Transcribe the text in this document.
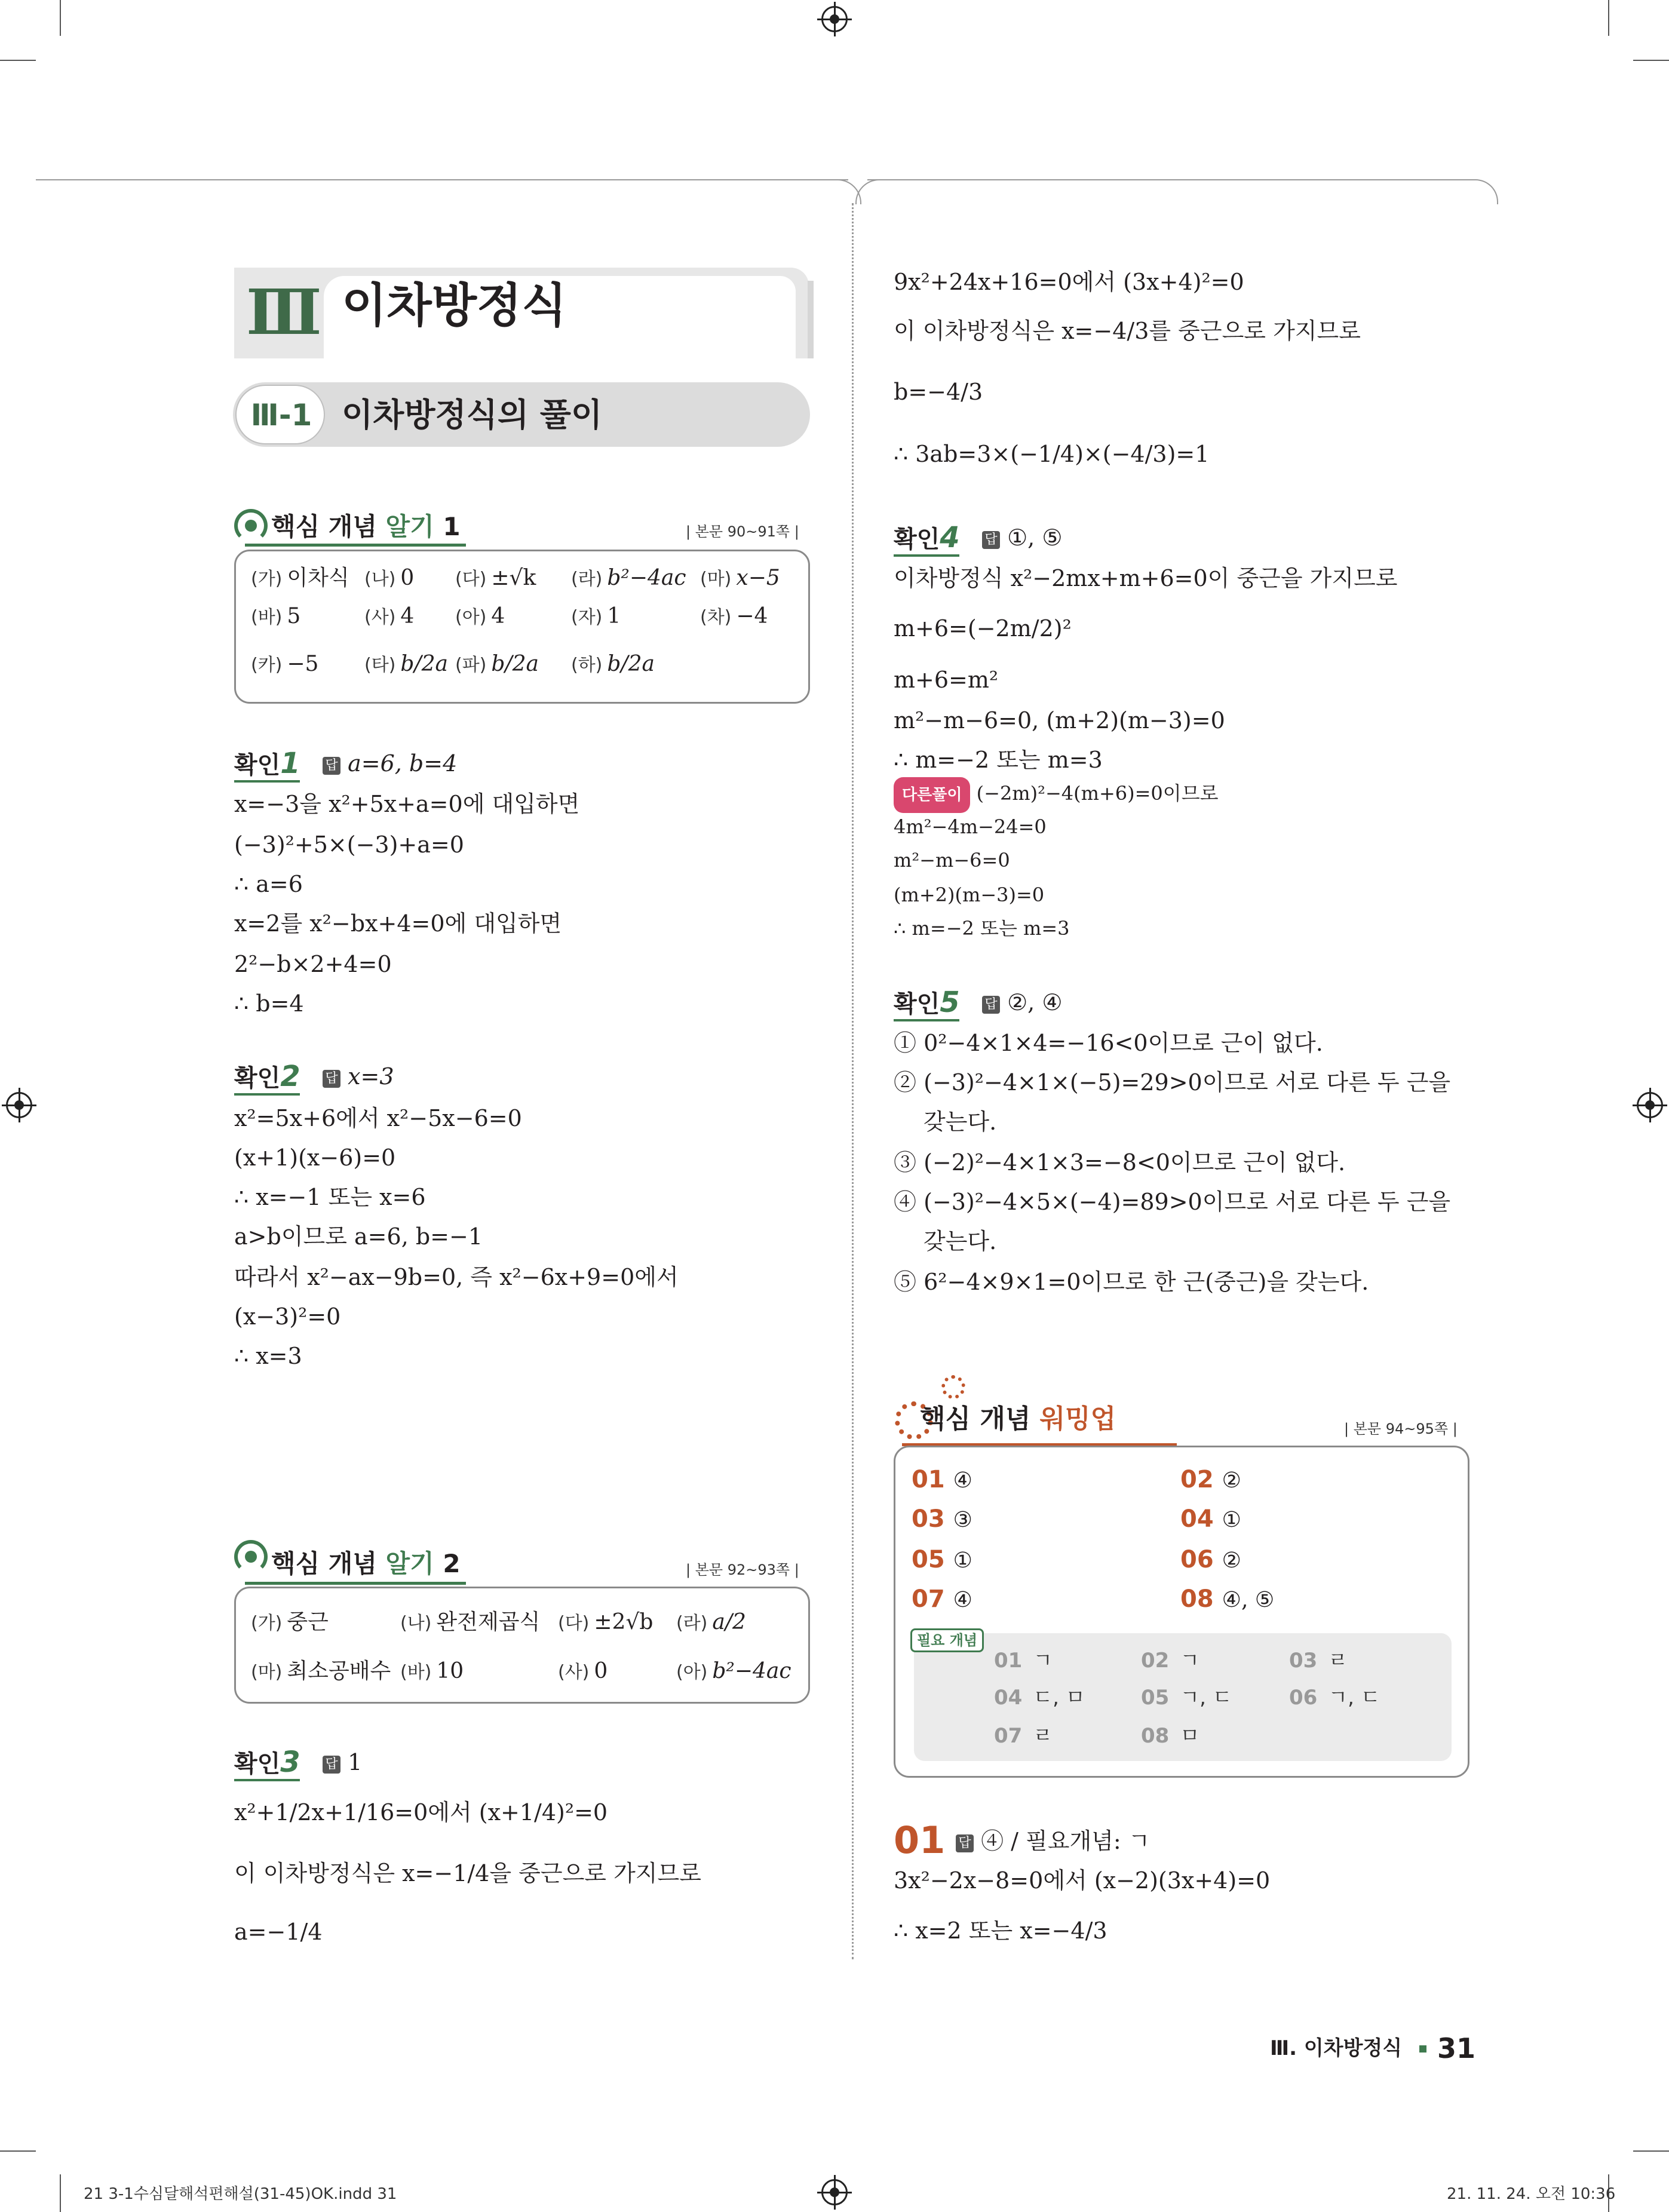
Ⅲ 이차방정식
Ⅲ-1 이차방정식의 풀이
핵심 개념 알기 1	| 본문 90~91쪽 |
(가) 이차식 (나) 0 (다) ±√k (라) b²−4ac (마) x−5
(바) 5	(사) 4 (아) 4	(자) 1	(차) −4
(카) −5	(타) b/2a (파) b/2a (하) b/2a
확인1 답 a=6, b=4
x=−3을 x²+5x+a=0에 대입하면
(−3)²+5×(−3)+a=0
∴ a=6
x=2를 x²−bx+4=0에 대입하면
2²−b×2+4=0
∴ b=4
확인2 답 x=3
x²=5x+6에서 x²−5x−6=0
(x+1)(x−6)=0
∴ x=−1 또는 x=6
a>b이므로 a=6, b=−1
따라서 x²−ax−9b=0, 즉 x²−6x+9=0에서
(x−3)²=0
∴ x=3
핵심 개념 알기 2	| 본문 92~93쪽 |
(가) 중근	(나) 완전제곱식 (다) ±2√b (라) a/2
(마) 최소공배수 (바) 10	(사) 0	(아) b²−4ac
확인3 답 1
x²+1/2x+1/16=0에서 (x+1/4)²=0
이 이차방정식은 x=−1/4을 중근으로 가지므로
a=−1/4
9x²+24x+16=0에서 (3x+4)²=0
이 이차방정식은 x=−4/3를 중근으로 가지므로
b=−4/3
∴ 3ab=3×(−1/4)×(−4/3)=1
확인4 답 ①, ⑤
이차방정식 x²−2mx+m+6=0이 중근을 가지므로
m+6=(−2m/2)²
m+6=m²
m²−m−6=0, (m+2)(m−3)=0
∴ m=−2 또는 m=3
다른풀이 (−2m)²−4(m+6)=0이므로
4m²−4m−24=0
m²−m−6=0
(m+2)(m−3)=0
∴ m=−2 또는 m=3
확인5 답 ②, ④
① 0²−4×1×4=−16<0이므로 근이 없다.
② (−3)²−4×1×(−5)=29>0이므로 서로 다른 두 근을
갖는다.
③ (−2)²−4×1×3=−8<0이므로 근이 없다.
④ (−3)²−4×5×(−4)=89>0이므로 서로 다른 두 근을
갖는다.
⑤ 6²−4×9×1=0이므로 한 근(중근)을 갖는다.
핵심 개념 워밍업	| 본문 94~95쪽 |
01 ④	02 ②
03 ③	04 ①
05 ①	06 ②
07 ④	08 ④, ⑤
필요 개념
01 ㄱ	02 ㄱ	03 ㄹ
04 ㄷ, ㅁ	05 ㄱ, ㄷ	06 ㄱ, ㄷ
07 ㄹ	08 ㅁ
01 답 ④ / 필요개념: ㄱ
3x²−2x−8=0에서 (x−2)(3x+4)=0
∴ x=2 또는 x=−4/3
Ⅲ. 이차방정식 31
21 3-1수심달해석편해설(31-45)OK.indd 31	21. 11. 24. 오전 10:36
